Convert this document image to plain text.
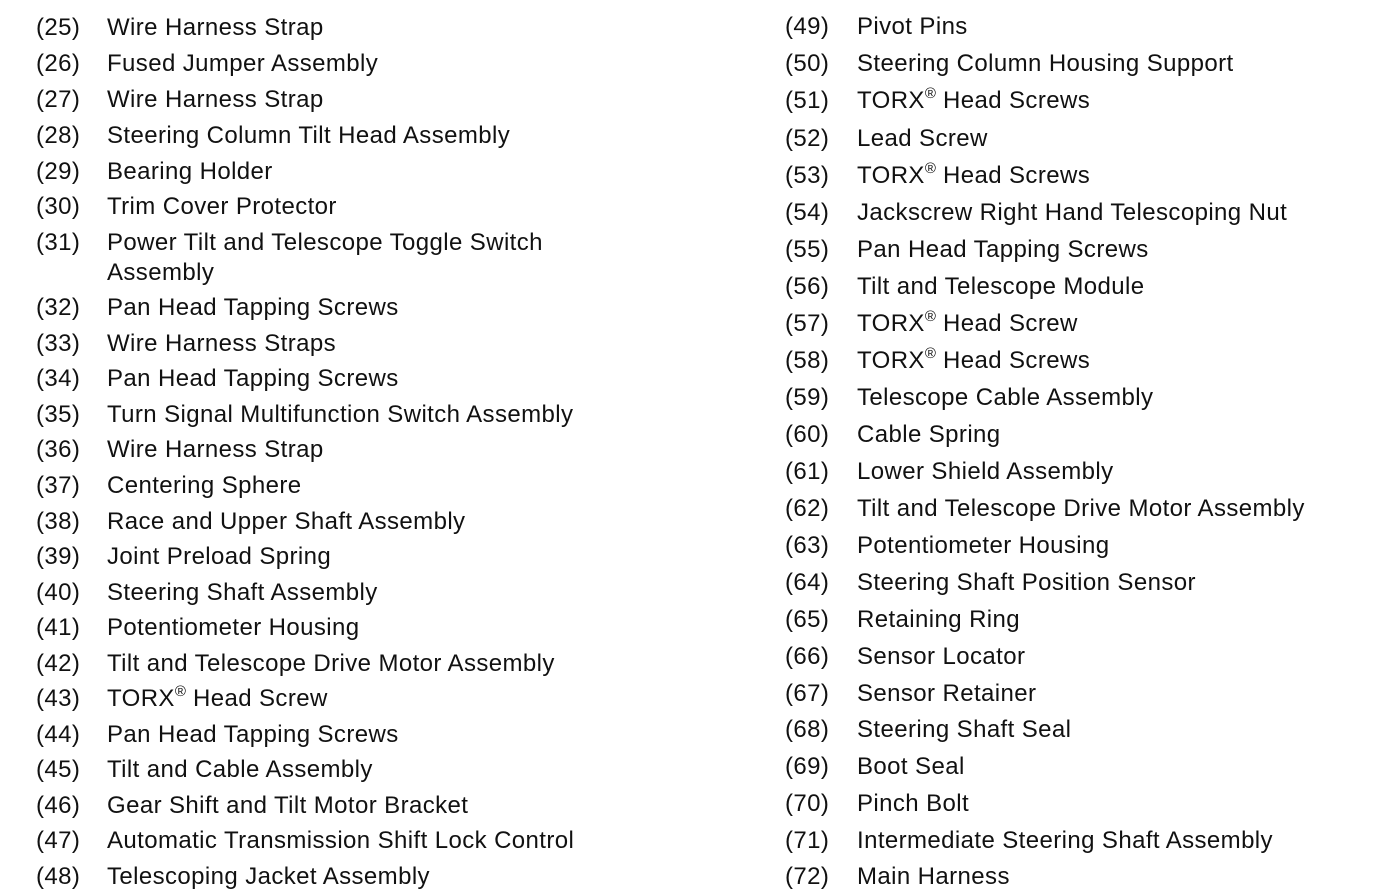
(25)	Wire Harness Strap
(26)	Fused Jumper Assembly
(27)	Wire Harness Strap
(28)	Steering Column Tilt Head Assembly
(29)	Bearing Holder
(30)	Trim Cover Protector
(31)	Power Tilt and Telescope Toggle Switch Assembly
(32)	Pan Head Tapping Screws
(33)	Wire Harness Straps
(34)	Pan Head Tapping Screws
(35)	Turn Signal Multifunction Switch Assembly
(36)	Wire Harness Strap
(37)	Centering Sphere
(38)	Race and Upper Shaft Assembly
(39)	Joint Preload Spring
(40)	Steering Shaft Assembly
(41)	Potentiometer Housing
(42)	Tilt and Telescope Drive Motor Assembly
(43)	TORX® Head Screw
(44)	Pan Head Tapping Screws
(45)	Tilt and Cable Assembly
(46)	Gear Shift and Tilt Motor Bracket
(47)	Automatic Transmission Shift Lock Control
(48)	Telescoping Jacket Assembly
(49)	Pivot Pins
(50)	Steering Column Housing Support
(51)	TORX® Head Screws
(52)	Lead Screw
(53)	TORX® Head Screws
(54)	Jackscrew Right Hand Telescoping Nut
(55)	Pan Head Tapping Screws
(56)	Tilt and Telescope Module
(57)	TORX® Head Screw
(58)	TORX® Head Screws
(59)	Telescope Cable Assembly
(60)	Cable Spring
(61)	Lower Shield Assembly
(62)	Tilt and Telescope Drive Motor Assembly
(63)	Potentiometer Housing
(64)	Steering Shaft Position Sensor
(65)	Retaining Ring
(66)	Sensor Locator
(67)	Sensor Retainer
(68)	Steering Shaft Seal
(69)	Boot Seal
(70)	Pinch Bolt
(71)	Intermediate Steering Shaft Assembly
(72)	Main Harness
